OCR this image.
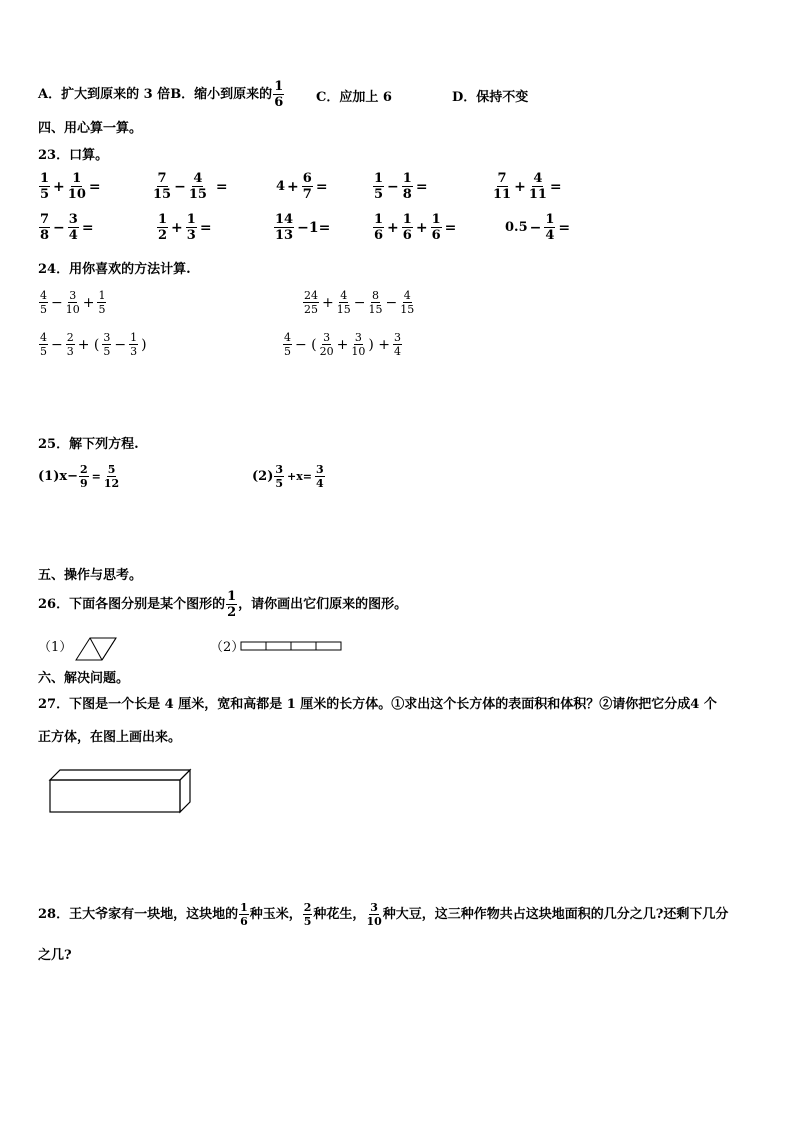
A．扩大到原来的 3 倍 B．缩小到原来的 $\frac{1}{6}$ C．应加上 6	D．保持不变
四、用心算一算。
23．口算。
$\frac{1}{5} + \frac{1}{10}$ =	$\frac{7}{15} - \frac{4}{15}$ =	$4 + \frac{6}{7}$ =	$\frac{1}{5} - \frac{1}{8}$ =	$\frac{7}{11} + \frac{4}{11}$ =
$\frac{7}{8} - \frac{3}{4}$ =	$\frac{1}{2} + \frac{1}{3}$ =	$\frac{14}{13} -1=$	$\frac{1}{6} + \frac{1}{6} + \frac{1}{6}$ =	$0.5 - \frac{1}{4}$ =
24．用你喜欢的方法计算.
$\frac{4}{5} - \frac{3}{10} + \frac{1}{5}$	$\frac{24}{25} + \frac{4}{15} - \frac{8}{15} - \frac{4}{15}$
$\frac{4}{5} - \frac{2}{3}$ + ( $\frac{3}{5} - \frac{1}{3}$ )	$\frac{4}{5}$ − ( $\frac{3}{20} + \frac{3}{10}$ ) + $\frac{3}{4}$
25．解下列方程.
$(1)x- \frac{2}{9} = \frac{5}{12}$	$(2) \frac{3}{5} +x= \frac{3}{4}$
五、操作与思考。
26．下面各图分别是某个图形的 $\frac{1}{2}$ ，请你画出它们原来的图形。
（1）	（2）
六、解决问题。
27．下图是一个长是 4 厘米，宽和高都是 1 厘米的长方体。①求出这个长方体的表面积和体积？②请你把它分成4 个
正方体，在图上画出来。
28．王大爷家有一块地，这块地的 $\frac{1}{6}$ 种玉米， $\frac{2}{5}$ 种花生， $\frac{3}{10}$ 种大豆，这三种作物共占这块地面积的几分之几?还剩下几分
之几?
